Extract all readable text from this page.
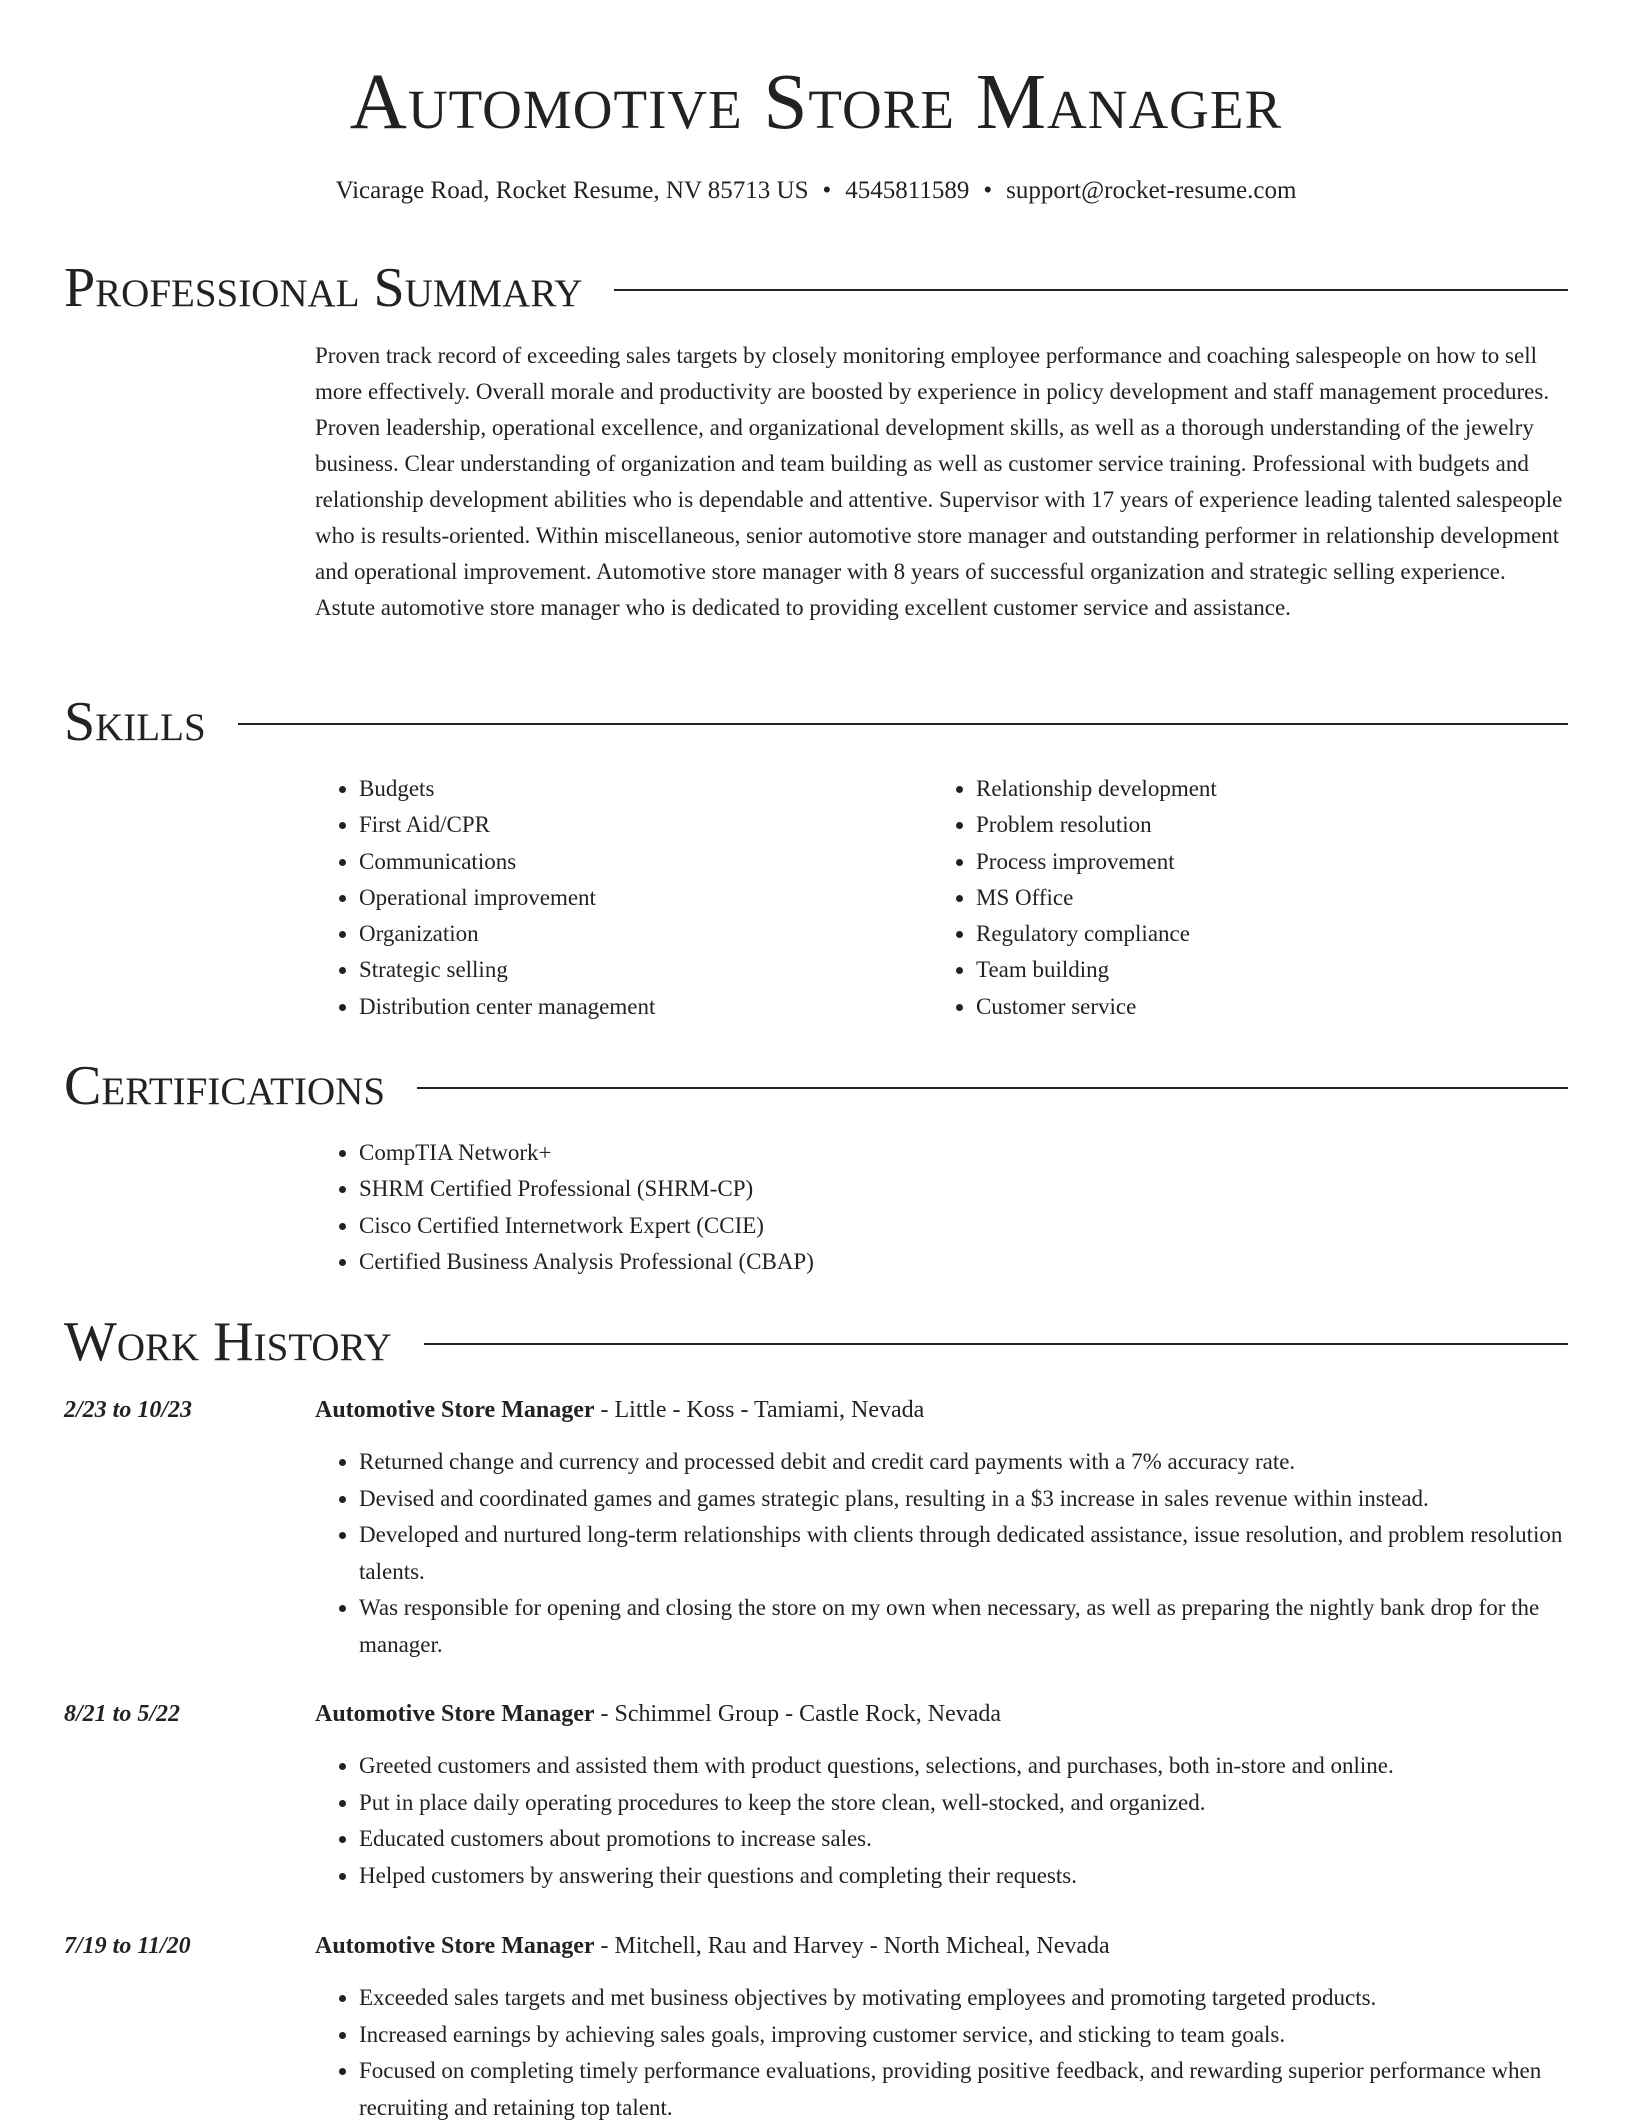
Automotive Store Manager
Vicarage Road, Rocket Resume, NV 85713 US • 4545811589 • support@rocket-resume.com
Professional Summary

Proven track record of exceeding sales targets by closely monitoring employee performance and coaching salespeople on how to sell more effectively. Overall morale and productivity are boosted by experience in policy development and staff management procedures. Proven leadership, operational excellence, and organizational development skills, as well as a thorough understanding of the jewelry business. Clear understanding of organization and team building as well as customer service training. Professional with budgets and relationship development abilities who is dependable and attentive. Supervisor with 17 years of experience leading talented salespeople who is results-oriented. Within miscellaneous, senior automotive store manager and outstanding performer in relationship development and operational improvement. Automotive store manager with 8 years of successful organization and strategic selling experience. Astute automotive store manager who is dedicated to providing excellent customer service and assistance.

Skills
• Budgets
• First Aid/CPR
• Communications
• Operational improvement
• Organization
• Strategic selling
• Distribution center management
• Relationship development
• Problem resolution
• Process improvement
• MS Office
• Regulatory compliance
• Team building
• Customer service
Certifications
• CompTIA Network+
• SHRM Certified Professional (SHRM-CP)
• Cisco Certified Internetwork Expert (CCIE)
• Certified Business Analysis Professional (CBAP)
Work History
2/23 to 10/23	Automotive Store Manager - Little - Koss - Tamiami, Nevada
• Returned change and currency and processed debit and credit card payments with a 7% accuracy rate.
• Devised and coordinated games and games strategic plans, resulting in a $3 increase in sales revenue within instead.
• Developed and nurtured long-term relationships with clients through dedicated assistance, issue resolution, and problem resolution talents.
• Was responsible for opening and closing the store on my own when necessary, as well as preparing the nightly bank drop for the manager.
8/21 to 5/22	Automotive Store Manager - Schimmel Group - Castle Rock, Nevada
• Greeted customers and assisted them with product questions, selections, and purchases, both in-store and online.
• Put in place daily operating procedures to keep the store clean, well-stocked, and organized.
• Educated customers about promotions to increase sales.
• Helped customers by answering their questions and completing their requests.
7/19 to 11/20	Automotive Store Manager - Mitchell, Rau and Harvey - North Micheal, Nevada
• Exceeded sales targets and met business objectives by motivating employees and promoting targeted products.
• Increased earnings by achieving sales goals, improving customer service, and sticking to team goals.
• Focused on completing timely performance evaluations, providing positive feedback, and rewarding superior performance when recruiting and retaining top talent.
